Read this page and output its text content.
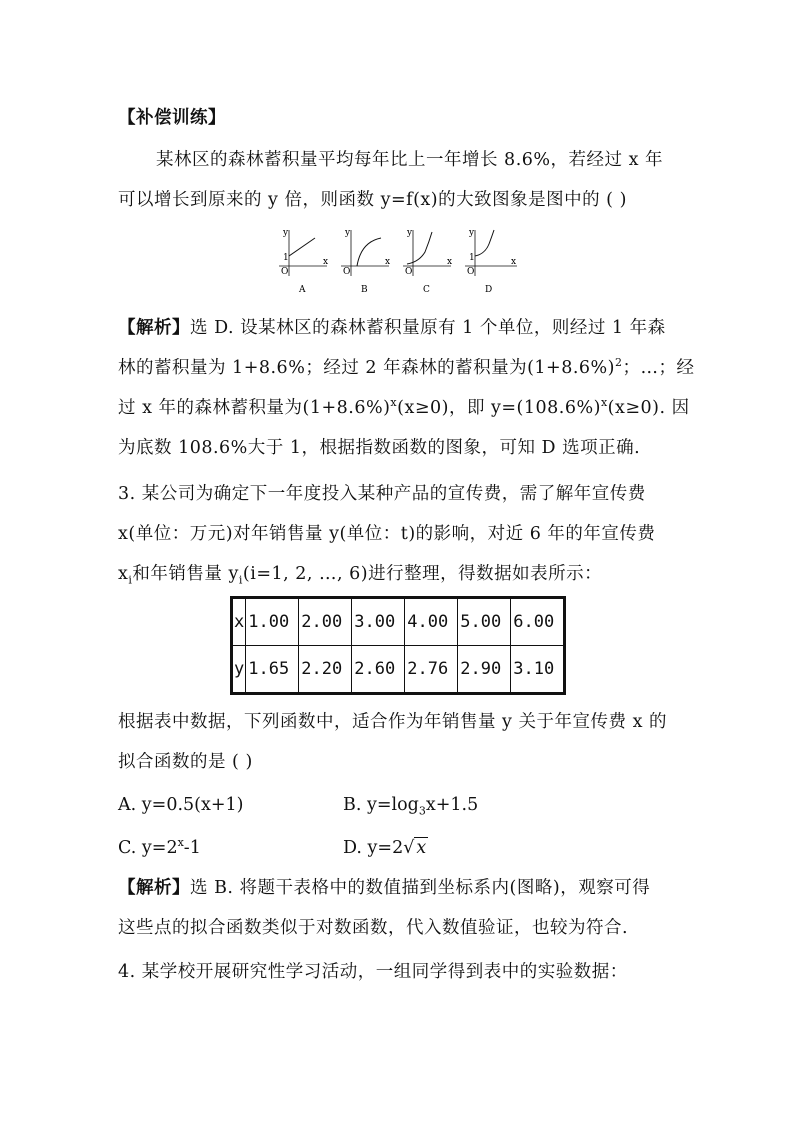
【补偿训练】
某林区的森林蓄积量平均每年比上一年增长 8.6%，若经过 x 年
可以增长到原来的 y 倍，则函数 y=f(x)的大致图象是图中的 ( )
y
x
O
1
A
y
x
O
B
y
x
O
C
y
x
O
1
D
【解析】选 D. 设某林区的森林蓄积量原有 1 个单位，则经过 1 年森
林的蓄积量为 1+8.6%；经过 2 年森林的蓄积量为$(1+8.6\%)^2$；…；经
过 x 年的森林蓄积量为$(1+8.6\%)^x(x\ge 0)$，即 $y=(108.6\%)^x(x\ge 0)$. 因
为底数 108.6%大于 1，根据指数函数的图象，可知 D 选项正确.
3. 某公司为确定下一年度投入某种产品的宣传费，需了解年宣传费
x(单位：万元)对年销售量 y(单位：t)的影响，对近 6 年的年宣传费
$x_i$和年销售量 $y_i(i=1$, 2, …, 6)进行整理，得数据如表所示：
x	1.00	2.00	3.00	4.00	5.00	6.00
y	1.65	2.20	2.60	2.76	2.90	3.10
根据表中数据，下列函数中，适合作为年销售量 y 关于年宣传费 x 的
拟合函数的是 ( )
A. y=0.5(x+1)	B. $y=\log_3x+1.5$
C. $y=2^x-1$	D. y=2√ x
【解析】选 B. 将题干表格中的数值描到坐标系内(图略)，观察可得
这些点的拟合函数类似于对数函数，代入数值验证，也较为符合.
4. 某学校开展研究性学习活动，一组同学得到表中的实验数据：
